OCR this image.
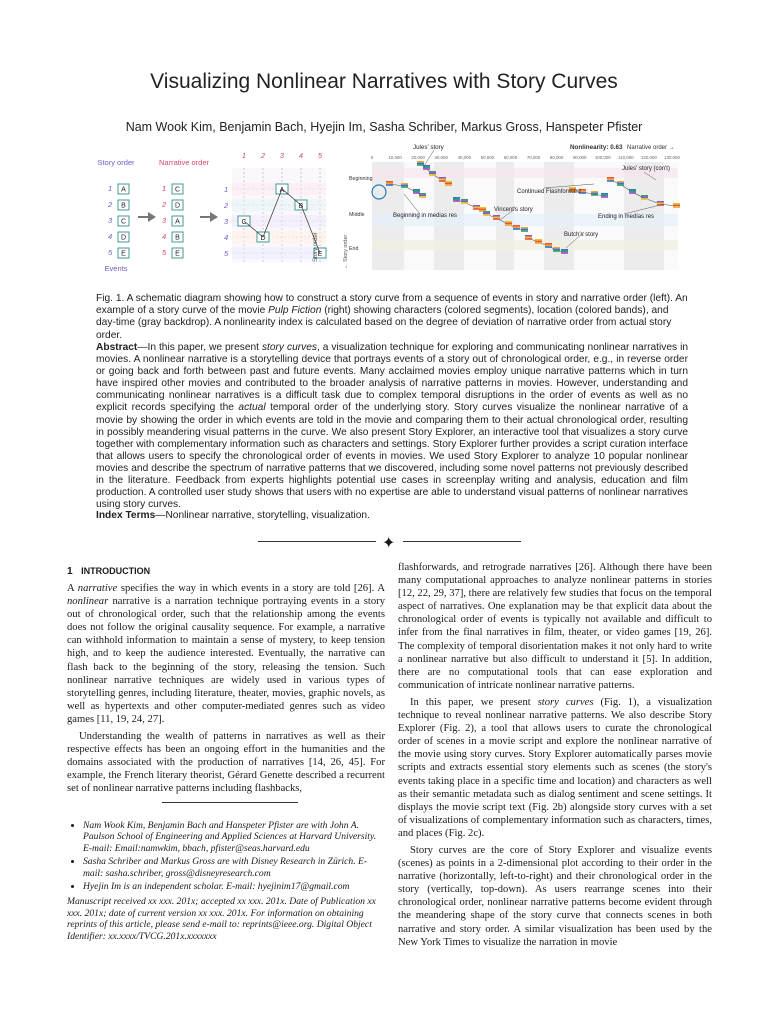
Visualizing Nonlinear Narratives with Story Curves
Nam Wook Kim, Benjamin Bach, Hyejin Im, Sasha Schriber, Markus Gross, Hanspeter Pfister
Story order	Narrative order
1 A
2 B
3 C
4 D
5 E
1 C
2 D
3 A
4 B
5 E
1
1
2
2
3
3
4
4
5
5
C
D
A
B
E
Events
Story order
Nonlinearity: 0.63 Narrative order →
0	10,000 20,000 30,000 40,000 50,000 60,000 70,000 80,000 90,000 100,000 110,000 120,000 130,000
Beginning
Middle
End
← Story order
Jules' story
Continued Flashforward
Jules' story (con't)
Vincent's story
Beginning in medias res	Ending in medias res
Butch's story
Fig. 1. A schematic diagram showing how to construct a story curve from a sequence of events in story and narrative order (left). An example of a story curve of the movie Pulp Fiction (right) showing characters (colored segments), location (colored bands), and day-time (gray backdrop). A nonlinearity index is calculated based on the degree of deviation of narrative order from actual story order.
Abstract—In this paper, we present story curves, a visualization technique for exploring and communicating nonlinear narratives in movies. A nonlinear narrative is a storytelling device that portrays events of a story out of chronological order, e.g., in reverse order or going back and forth between past and future events. Many acclaimed movies employ unique narrative patterns which in turn have inspired other movies and contributed to the broader analysis of narrative patterns in movies. However, understanding and communicating nonlinear narratives is a difficult task due to complex temporal disruptions in the order of events as well as no explicit records specifying the actual temporal order of the underlying story. Story curves visualize the nonlinear narrative of a movie by showing the order in which events are told in the movie and comparing them to their actual chronological order, resulting in possibly meandering visual patterns in the curve. We also present Story Explorer, an interactive tool that visualizes a story curve together with complementary information such as characters and settings. Story Explorer further provides a script curation interface that allows users to specify the chronological order of events in movies. We used Story Explorer to analyze 10 popular nonlinear movies and describe the spectrum of narrative patterns that we discovered, including some novel patterns not previously described in the literature. Feedback from experts highlights potential use cases in screenplay writing and analysis, education and film production. A controlled user study shows that users with no expertise are able to understand visual patterns of nonlinear narratives using story curves.
Index Terms—Nonlinear narrative, storytelling, visualization.
✦
1 INTRODUCTION

A narrative specifies the way in which events in a story are told [26]. A nonlinear narrative is a narration technique portraying events in a story out of chronological order, such that the relationship among the events does not follow the original causality sequence. For example, a narrative can withhold information to maintain a sense of mystery, to keep tension high, and to keep the audience interested. Eventually, the narrative can flash back to the beginning of the story, releasing the tension. Such nonlinear narrative techniques are widely used in various types of storytelling genres, including literature, theater, movies, graphic novels, as well as hypertexts and other computer-mediated genres such as video games [11, 19, 24, 27].

Understanding the wealth of patterns in narratives as well as their respective effects has been an ongoing effort in the humanities and the domains associated with the production of narratives [14, 26, 45]. For example, the French literary theorist, Gérard Genette described a recurrent set of nonlinear narrative patterns including flashbacks,

• Nam Wook Kim, Benjamin Bach and Hanspeter Pfister are with John A. Paulson School of Engineering and Applied Sciences at Harvard University. E-mail: Email:namwkim, bbach, pfister@seas.harvard.edu
• Sasha Schriber and Markus Gross are with Disney Research in Zürich. E-mail: sasha.schriber, gross@disneyresearch.com
• Hyejin Im is an independent scholar. E-mail: hyejinim17@gmail.com
Manuscript received xx xxx. 201x; accepted xx xxx. 201x. Date of Publication xx xxx. 201x; date of current version xx xxx. 201x. For information on obtaining reprints of this article, please send e-mail to: reprints@ieee.org. Digital Object Identifier: xx.xxxx/TVCG.201x.xxxxxxx

flashforwards, and retrograde narratives [26]. Although there have been many computational approaches to analyze nonlinear patterns in stories [12, 22, 29, 37], there are relatively few studies that focus on the temporal aspect of narratives. One explanation may be that explicit data about the chronological order of events is typically not available and difficult to infer from the final narratives in film, theater, or video games [19, 26]. The complexity of temporal disorientation makes it not only hard to write a nonlinear narrative but also difficult to understand it [5]. In addition, there are no computational tools that can ease exploration and communication of intricate nonlinear narrative patterns.

In this paper, we present story curves (Fig. 1), a visualization technique to reveal nonlinear narrative patterns. We also describe Story Explorer (Fig. 2), a tool that allows users to curate the chronological order of scenes in a movie script and explore the nonlinear narrative of the movie using story curves. Story Explorer automatically parses movie scripts and extracts essential story elements such as scenes (the story's events taking place in a specific time and location) and characters as well as their semantic metadata such as dialog sentiment and scene settings. It displays the movie script text (Fig. 2b) alongside story curves with a set of visualizations of complementary information such as characters, times, and places (Fig. 2c).

Story curves are the core of Story Explorer and visualize events (scenes) as points in a 2-dimensional plot according to their order in the narrative (horizontally, left-to-right) and their chronological order in the story (vertically, top-down). As users rearrange scenes into their chronological order, nonlinear narrative patterns become evident through the meandering shape of the story curve that connects scenes in both narrative and story order. A similar visualization has been used by the New York Times to visualize the narration in movie
